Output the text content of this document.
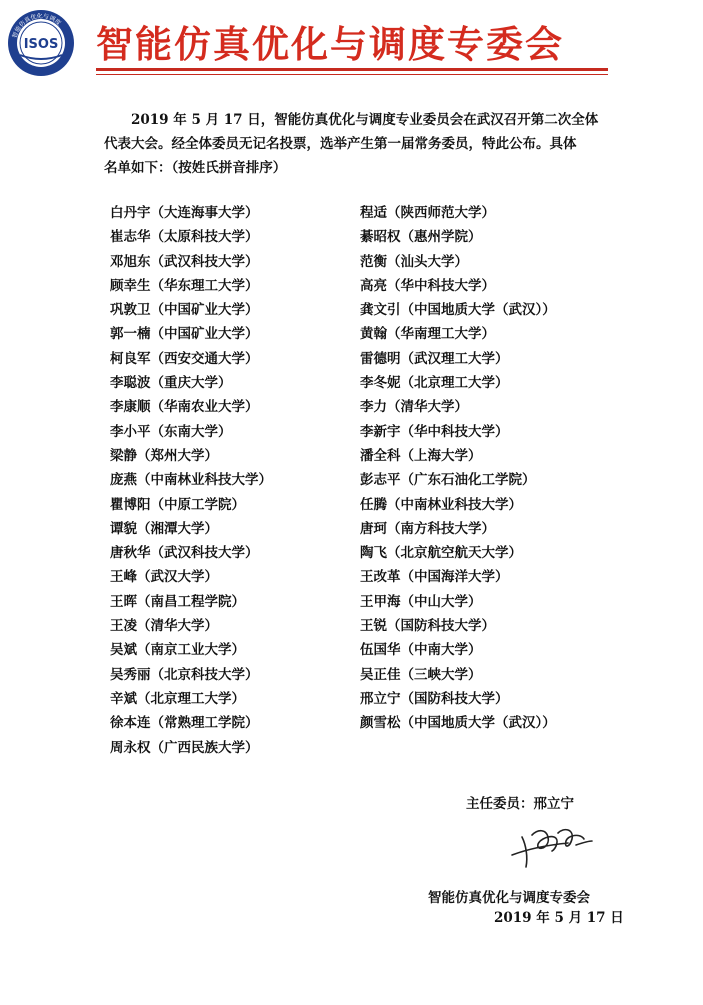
智能仿真优化与调度
ISOS 智能仿真优化与调度专委会
2019 年 5 月 17 日，智能仿真优化与调度专业委员会在武汉召开第二次全体
代表大会。经全体委员无记名投票，选举产生第一届常务委员，特此公布。具体
名单如下：（按姓氏拼音排序）
白丹宇（大连海事大学）	程适（陕西师范大学）
崔志华（太原科技大学）	綦昭权（惠州学院）
邓旭东（武汉科技大学）	范衡（汕头大学）
顾幸生（华东理工大学）	高亮（华中科技大学）
巩敦卫（中国矿业大学）	龚文引（中国地质大学（武汉））
郭一楠（中国矿业大学）	黄翰（华南理工大学）
柯良军（西安交通大学）	雷德明（武汉理工大学）
李聪波（重庆大学）	李冬妮（北京理工大学）
李康顺（华南农业大学）	李力（清华大学）
李小平（东南大学）	李新宇（华中科技大学）
梁静（郑州大学）	潘全科（上海大学）
庞燕（中南林业科技大学）	彭志平（广东石油化工学院）
瞿博阳（中原工学院）	任腾（中南林业科技大学）
谭貌（湘潭大学）	唐珂（南方科技大学）
唐秋华（武汉科技大学）	陶飞（北京航空航天大学）
王峰（武汉大学）	王改革（中国海洋大学）
王晖（南昌工程学院）	王甲海（中山大学）
王凌（清华大学）	王锐（国防科技大学）
吴斌（南京工业大学）	伍国华（中南大学）
吴秀丽（北京科技大学）	吴正佳（三峡大学）
辛斌（北京理工大学）	邢立宁（国防科技大学）
徐本连（常熟理工学院）	颜雪松（中国地质大学（武汉））
周永权（广西民族大学）
主任委员：邢立宁
智能仿真优化与调度专委会
2019 年 5 月 17 日
